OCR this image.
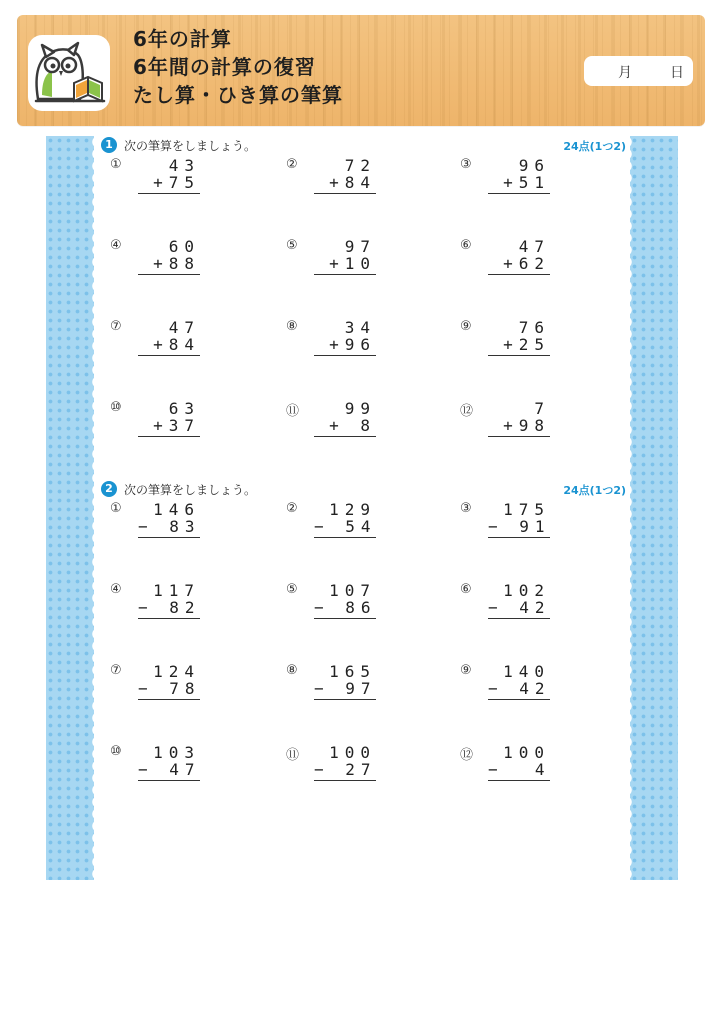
6年の計算
6年間の計算の復習
たし算・ひき算の筆算
月	日
1 次の筆算をしましょう。	24点(1つ2)
①	43
+75
②	72
+84
③	96
+51
④	60
+88
⑤	97
+10
⑥	47
+62
⑦	47
+84
⑧	34
+96
⑨	76
+25
⑩	63
+37
⑪	99
+ 8
⑫	7
+98
2 次の筆算をしましょう。	24点(1つ2)
①	146
− 83
②	129
− 54
③	175
− 91
④	117
− 82
⑤	107
− 86
⑥	102
− 42
⑦	124
− 78
⑧	165
− 97
⑨	140
− 42
⑩	103
− 47
⑪	100
− 27
⑫	100
−  4
